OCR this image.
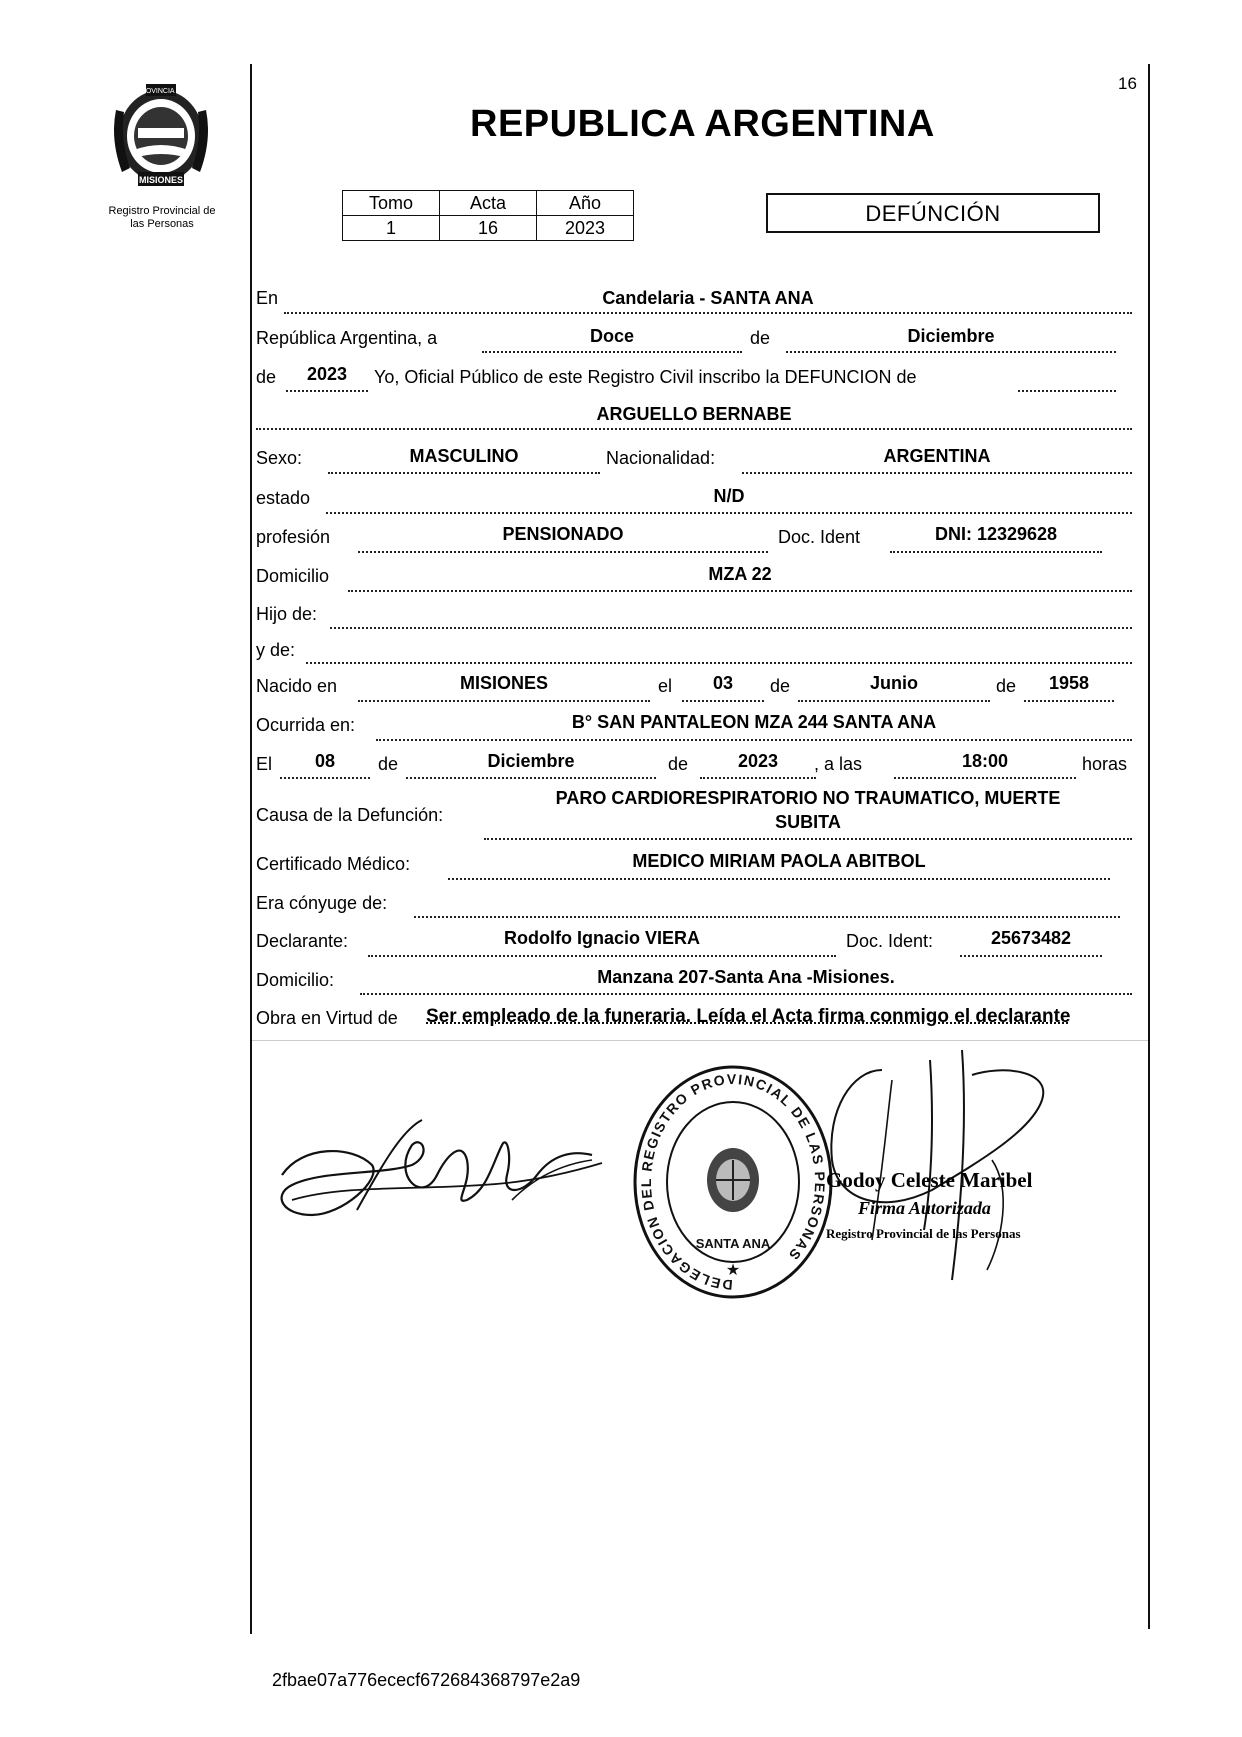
16
REPUBLICA ARGENTINA
MISIONES
PROVINCIA DE
Registro Provincial de
las Personas
Tomo	Acta	Año
1	16	2023
DEFÚNCIÓN
En	Candelaria - SANTA ANA
República Argentina, a	Doce	de	Diciembre
de	2023	Yo, Oficial Público de este Registro Civil inscribo la DEFUNCION de
ARGUELLO BERNABE
Sexo:	MASCULINO	Nacionalidad:	ARGENTINA
estado	N/D
profesión	PENSIONADO	Doc. Ident	DNI: 12329628
Domicilio	MZA 22
Hijo de:
y de:
Nacido en	MISIONES	el	03	de	Junio	de	1958
Ocurrida en:	B° SAN PANTALEON MZA 244 SANTA ANA
El	08	de	Diciembre	de	2023	, a las	18:00	horas
Causa de la Defunción:
PARO CARDIORESPIRATORIO NO TRAUMATICO, MUERTE
SUBITA
Certificado Médico:	MEDICO MIRIAM PAOLA ABITBOL
Era cónyuge de:
Declarante:	Rodolfo Ignacio VIERA	Doc. Ident:	25673482
Domicilio:	Manzana 207-Santa Ana -Misiones.
Obra en Virtud de Ser empleado de la funeraria. Leída el Acta firma conmigo el declarante
DELEGACION DEL REGISTRO PROVINCIAL DE LAS PERSONAS
SANTA ANA
★
Godoy Celeste Maribel
Firma Autorizada
Registro Provincial de las Personas
2fbae07a776ececf672684368797e2a9
